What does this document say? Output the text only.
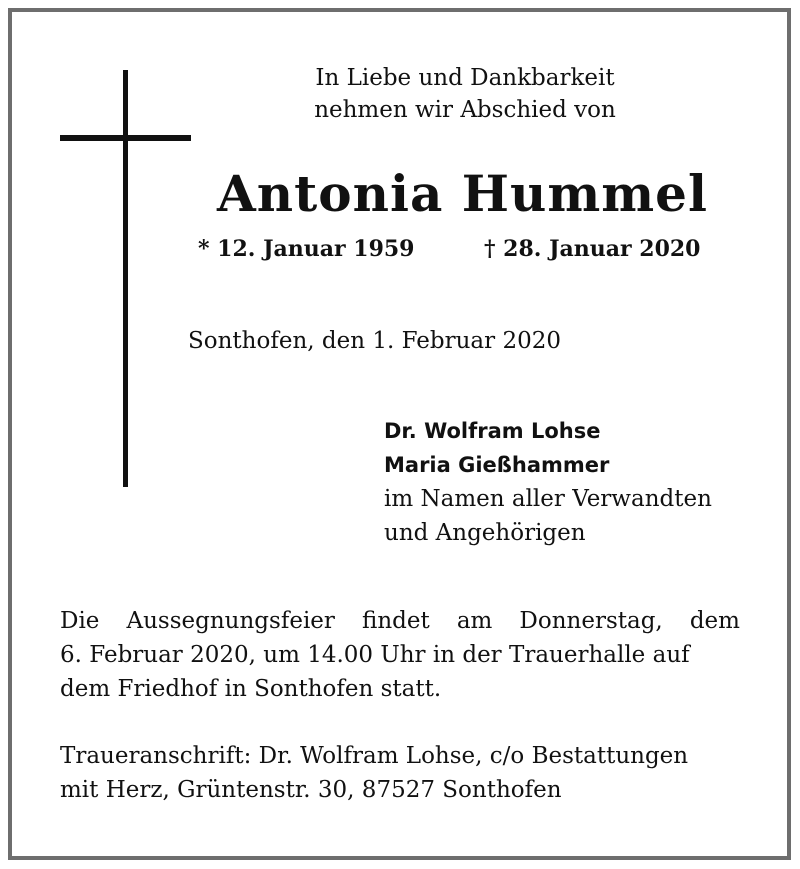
In Liebe und Dankbarkeit
nehmen wir Abschied von
Antonia Hummel
* 12. Januar 1959	† 28. Januar 2020
Sonthofen, den 1. Februar 2020
Dr. Wolfram Lohse
Maria Gießhammer
im Namen aller Verwandten
und Angehörigen
Die Aussegnungsfeier findet am Donnerstag, dem
6. Februar 2020, um 14.00 Uhr in der Trauerhalle auf
dem Friedhof in Sonthofen statt.
Traueranschrift: Dr. Wolfram Lohse, c/o Bestattungen
mit Herz, Grüntenstr. 30, 87527 Sonthofen
